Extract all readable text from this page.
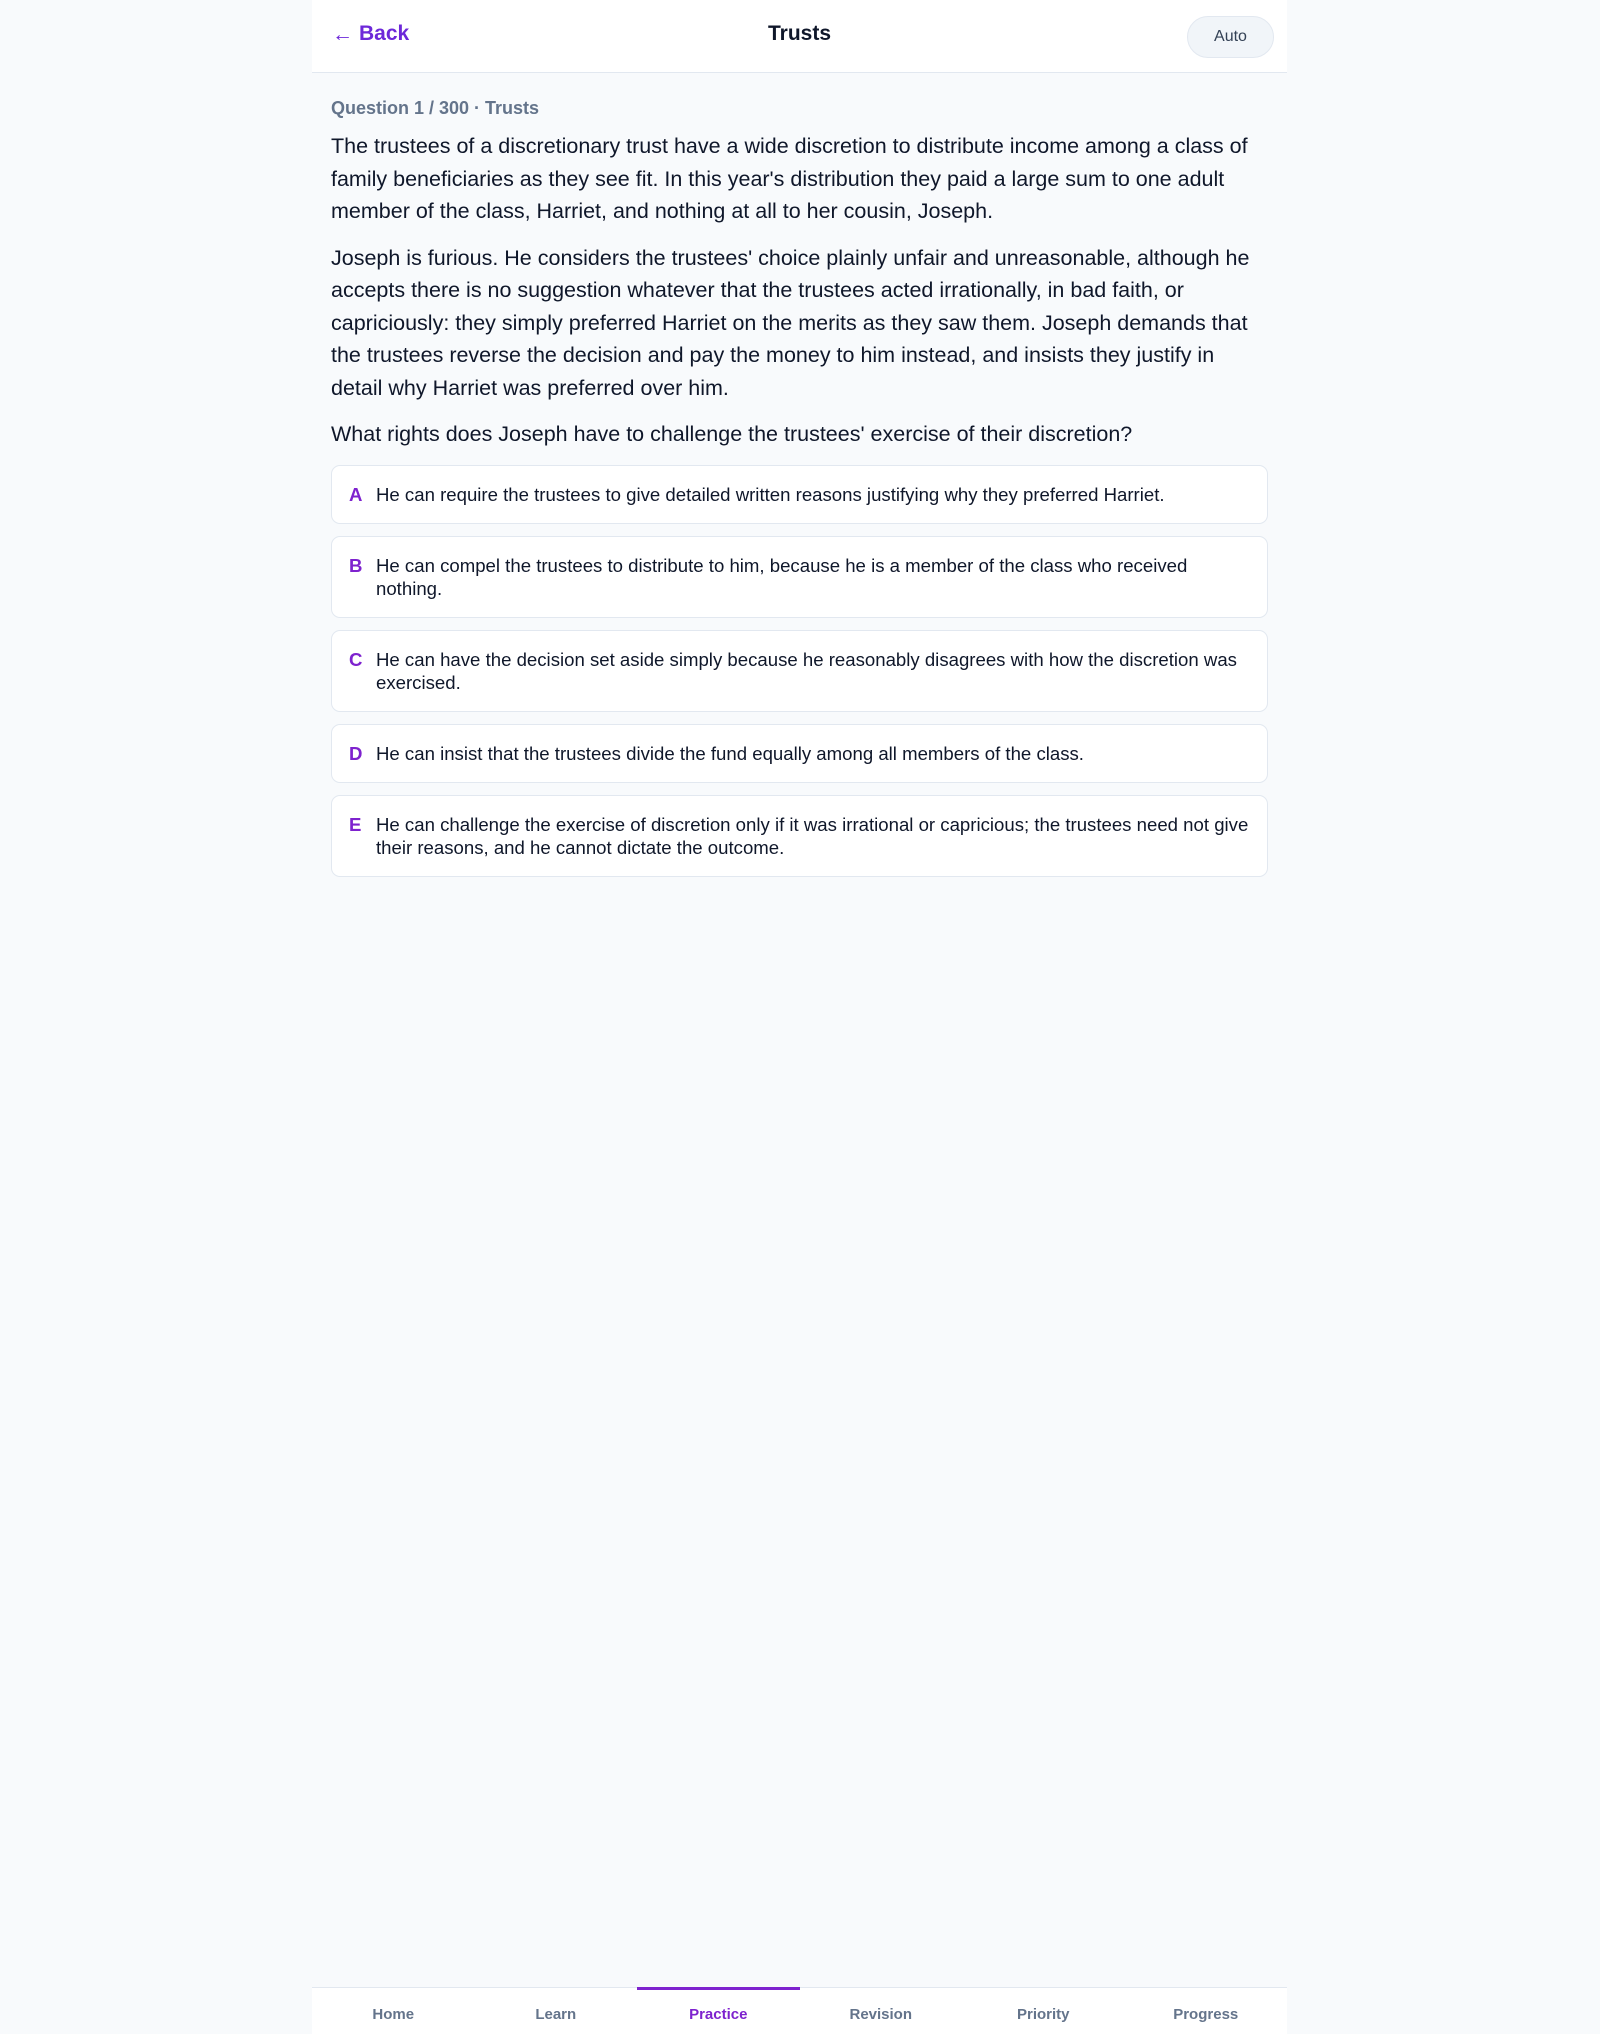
← Back	Trusts	Auto
Question 1 / 300 · Trusts

The trustees of a discretionary trust have a wide discretion to distribute income among a class of family beneficiaries as they see fit. In this year's distribution they paid a large sum to one adult member of the class, Harriet, and nothing at all to her cousin, Joseph.

Joseph is furious. He considers the trustees' choice plainly unfair and unreasonable, although he accepts there is no suggestion whatever that the trustees acted irrationally, in bad faith, or capriciously: they simply preferred Harriet on the merits as they saw them. Joseph demands that the trustees reverse the decision and pay the money to him instead, and insists they justify in detail why Harriet was preferred over him.

What rights does Joseph have to challenge the trustees' exercise of their discretion?

A He can require the trustees to give detailed written reasons justifying why they preferred Harriet.
B He can compel the trustees to distribute to him, because he is a member of the class who received nothing.
C He can have the decision set aside simply because he reasonably disagrees with how the discretion was exercised.
D He can insist that the trustees divide the fund equally among all members of the class.
E He can challenge the exercise of discretion only if it was irrational or capricious; the trustees need not give their reasons, and he cannot dictate the outcome.
Home	Learn	Practice	Revision	Priority	Progress
